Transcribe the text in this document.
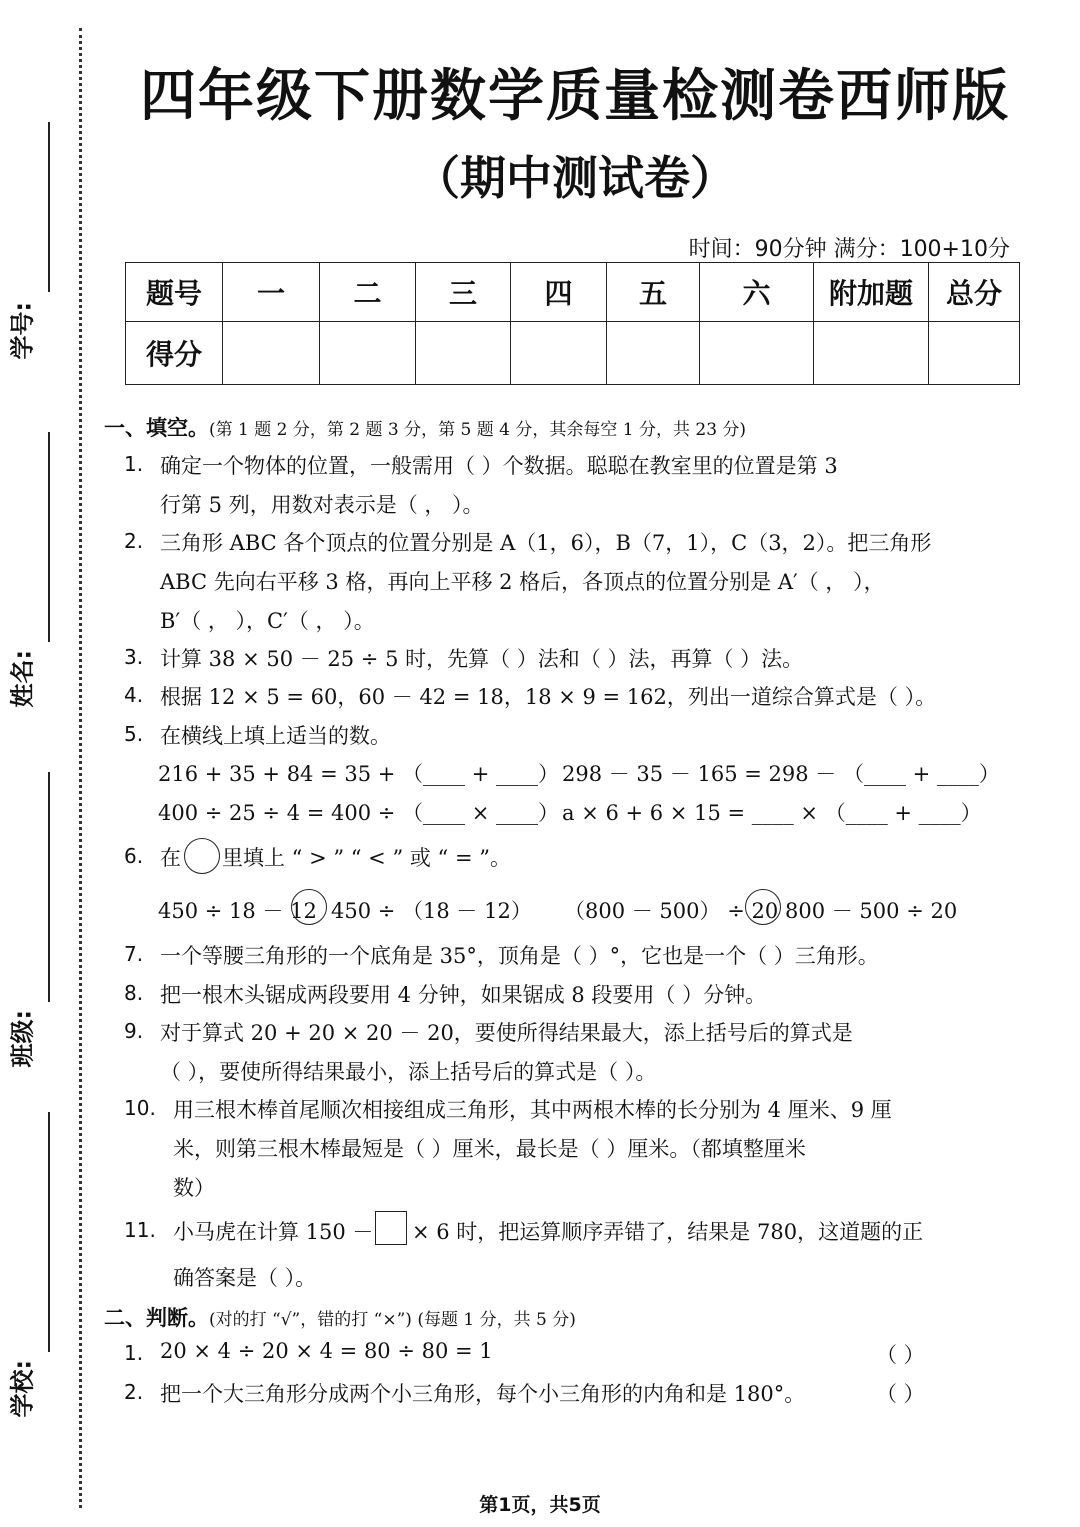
学号:
姓名:
班级:
学校:
四年级下册数学质量检测卷西师版
（期中测试卷）
时间：90分钟 满分：100+10分
题号	一	二	三	四	五	六	附加题	总分
得分								
一、填空。(第 1 题 2 分，第 2 题 3 分，第 5 题 4 分，其余每空 1 分，共 23 分)
1. 确定一个物体的位置，一般需用（ ）个数据。聪聪在教室里的位置是第 3
行第 5 列，用数对表示是（ ， ）。
2. 三角形 ABC 各个顶点的位置分别是 A（1，6），B（7，1），C（3，2）。把三角形
ABC 先向右平移 3 格，再向上平移 2 格后，各顶点的位置分别是 A′（ ， ），
B′（ ， ），C′（ ， ）。
3. 计算 38 × 50 － 25 ÷ 5 时，先算（ ）法和（ ）法，再算（ ）法。
4. 根据 12 × 5 = 60，60 － 42 = 18，18 × 9 = 162，列出一道综合算式是（ ）。
5. 在横线上填上适当的数。
216 + 35 + 84 = 35 + （____ + ____） 298 － 35 － 165 = 298 － （____ + ____）
400 ÷ 25 ÷ 4 = 400 ÷ （____ × ____） a × 6 + 6 × 15 = ____ × （____ + ____）
6. 在 里填上 “ > ” “ < ” 或 “ = ”。
450 ÷ 18 － 12 450 ÷ （18 － 12） （800 － 500） ÷ 20 800 － 500 ÷ 20
7. 一个等腰三角形的一个底角是 35°，顶角是（ ）°，它也是一个（ ）三角形。
8. 把一根木头锯成两段要用 4 分钟，如果锯成 8 段要用（ ）分钟。
9. 对于算式 20 + 20 × 20 － 20，要使所得结果最大，添上括号后的算式是
（ ），要使所得结果最小，添上括号后的算式是（ ）。
10. 用三根木棒首尾顺次相接组成三角形，其中两根木棒的长分别为 4 厘米、9 厘
米，则第三根木棒最短是（ ）厘米，最长是（ ）厘米。（都填整厘米
数）
11. 小马虎在计算 150 － × 6 时，把运算顺序弄错了，结果是 780，这道题的正
确答案是（ ）。
二、判断。(对的打 “√”，错的打 “×”) (每题 1 分，共 5 分)
1. 20 × 4 ÷ 20 × 4 = 80 ÷ 80 = 1	（ ）
2. 把一个大三角形分成两个小三角形，每个小三角形的内角和是 180°。	（ ）
第1页，共5页
